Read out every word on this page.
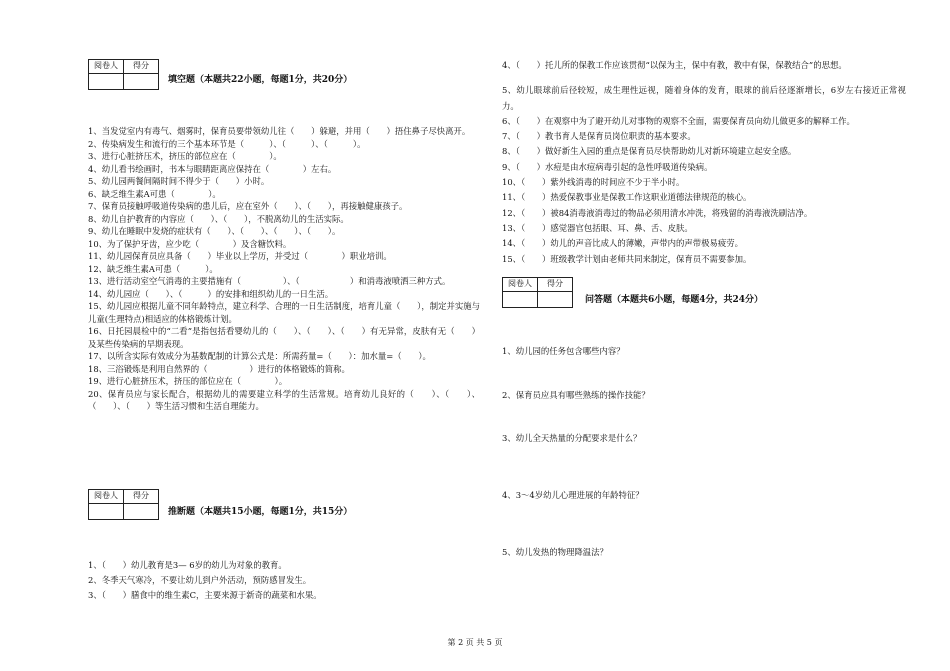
阅卷人	得分

填空题（本题共22小题，每题1分，共20分）
1、当发觉室内有毒气、烟雾时，保育员要带领幼儿往（　　）躲避，并用（　　）捂住鼻子尽快离开。
2、传染病发生和流行的三个基本环节是（　　　）、（　　　）、（　　　）。
3、进行心脏挤压术，挤压的部位应在（　　　　）。
4、幼儿看书绘画时，书本与眼睛距离应保持在（　　　　）左右。
5、幼儿园两餐间隔时间不得少于（　　）小时。
6、缺乏维生素A可患（　　　　）。
7、保育员接触呼吸道传染病的患儿后，应在室外（　　）、（　　），再接触健康孩子。
8、幼儿自护教育的内容应（　　）、（　　），不脱离幼儿的生活实际。
9、幼儿在睡眠中发烧的症状有（　　）、（　　）、（　　）、（　　）。
10、为了保护牙齿，应少吃（　　　　）及含糖饮料。
11、幼儿园保育员应具备（　　）毕业以上学历，并受过（　　　　）职业培训。
12、缺乏维生素A可患（　　　）。
13、进行活动室空气消毒的主要措施有（　　　　　）、（　　　　　　）和消毒液喷洒三种方式。
14、幼儿园应（　　）、（　　　）的安排和组织幼儿的一日生活。
15、幼儿园应根据儿童不同年龄特点，建立科学、合理的一日生活制度，培育儿童（　　），制定并实施与儿童(生理特点)相适应的体格锻炼计划。
16、日托园晨检中的“二看”是指包括看婴幼儿的（　　）、（　　）、（　　）有无异常，皮肤有无（　　）及某些传染病的早期表现。
17、以所含实际有效成分为基数配制的计算公式是：所需药量=（　　）：加水量=（　　）。
18、三浴锻炼是利用自然界的（　　　　　）进行的体格锻炼的简称。
19、进行心脏挤压术，挤压的部位应在（　　　　）。
20、保育员应与家长配合，根据幼儿的需要建立科学的生活常规。培育幼儿良好的（　　）、（　　）、（　　）、（　　）等生活习惯和生活自理能力。
阅卷人	得分

推断题（本题共15小题，每题1分，共15分）
1、（　　）幼儿教育是3— 6岁的幼儿为对象的教育。
2、冬季天气寒冷，不要让幼儿到户外活动，预防感冒发生。
3、（　　）膳食中的维生素C，主要来源于新奇的蔬菜和水果。
4、（　　）托儿所的保教工作应该贯彻“以保为主，保中有教，教中有保，保教结合”的思想。
5、幼儿眼球前后径较短，成生理性远视，随着身体的发育，眼球的前后径逐渐增长，6岁左右接近正常视力。
6、（　　）在观察中为了避开幼儿对事物的观察不全面，需要保育员向幼儿做更多的解释工作。
7、（　　）教书育人是保育员岗位职责的基本要求。
8、（　　）做好新生入园的重点是保育员尽快帮助幼儿对新环境建立起安全感。
9、（　　）水痘是由水痘病毒引起的急性呼吸道传染病。
10、（　　）紫外线消毒的时间应不少于半小时。
11、（　　）热爱保教事业是保教工作这职业道德法律规范的核心。
12、（　　）被84消毒液消毒过的物品必须用清水冲洗，将残留的消毒液洗刷洁净。
13、（　　）感觉器官包括眼、耳、鼻、舌、皮肤。
14、（　　）幼儿的声音比成人的薄嫩，声带内的声带极易疲劳。
15、（　　）班级教学计划由老师共同来制定，保育员不需要参加。
阅卷人	得分

问答题（本题共6小题，每题4分，共24分）
1、幼儿园的任务包含哪些内容？
2、保育员应具有哪些熟练的操作技能？
3、幼儿全天热量的分配要求是什么？
4、3～4岁幼儿心理进展的年龄特征？
5、幼儿发热的物理降温法？
第 2 页 共 5 页
